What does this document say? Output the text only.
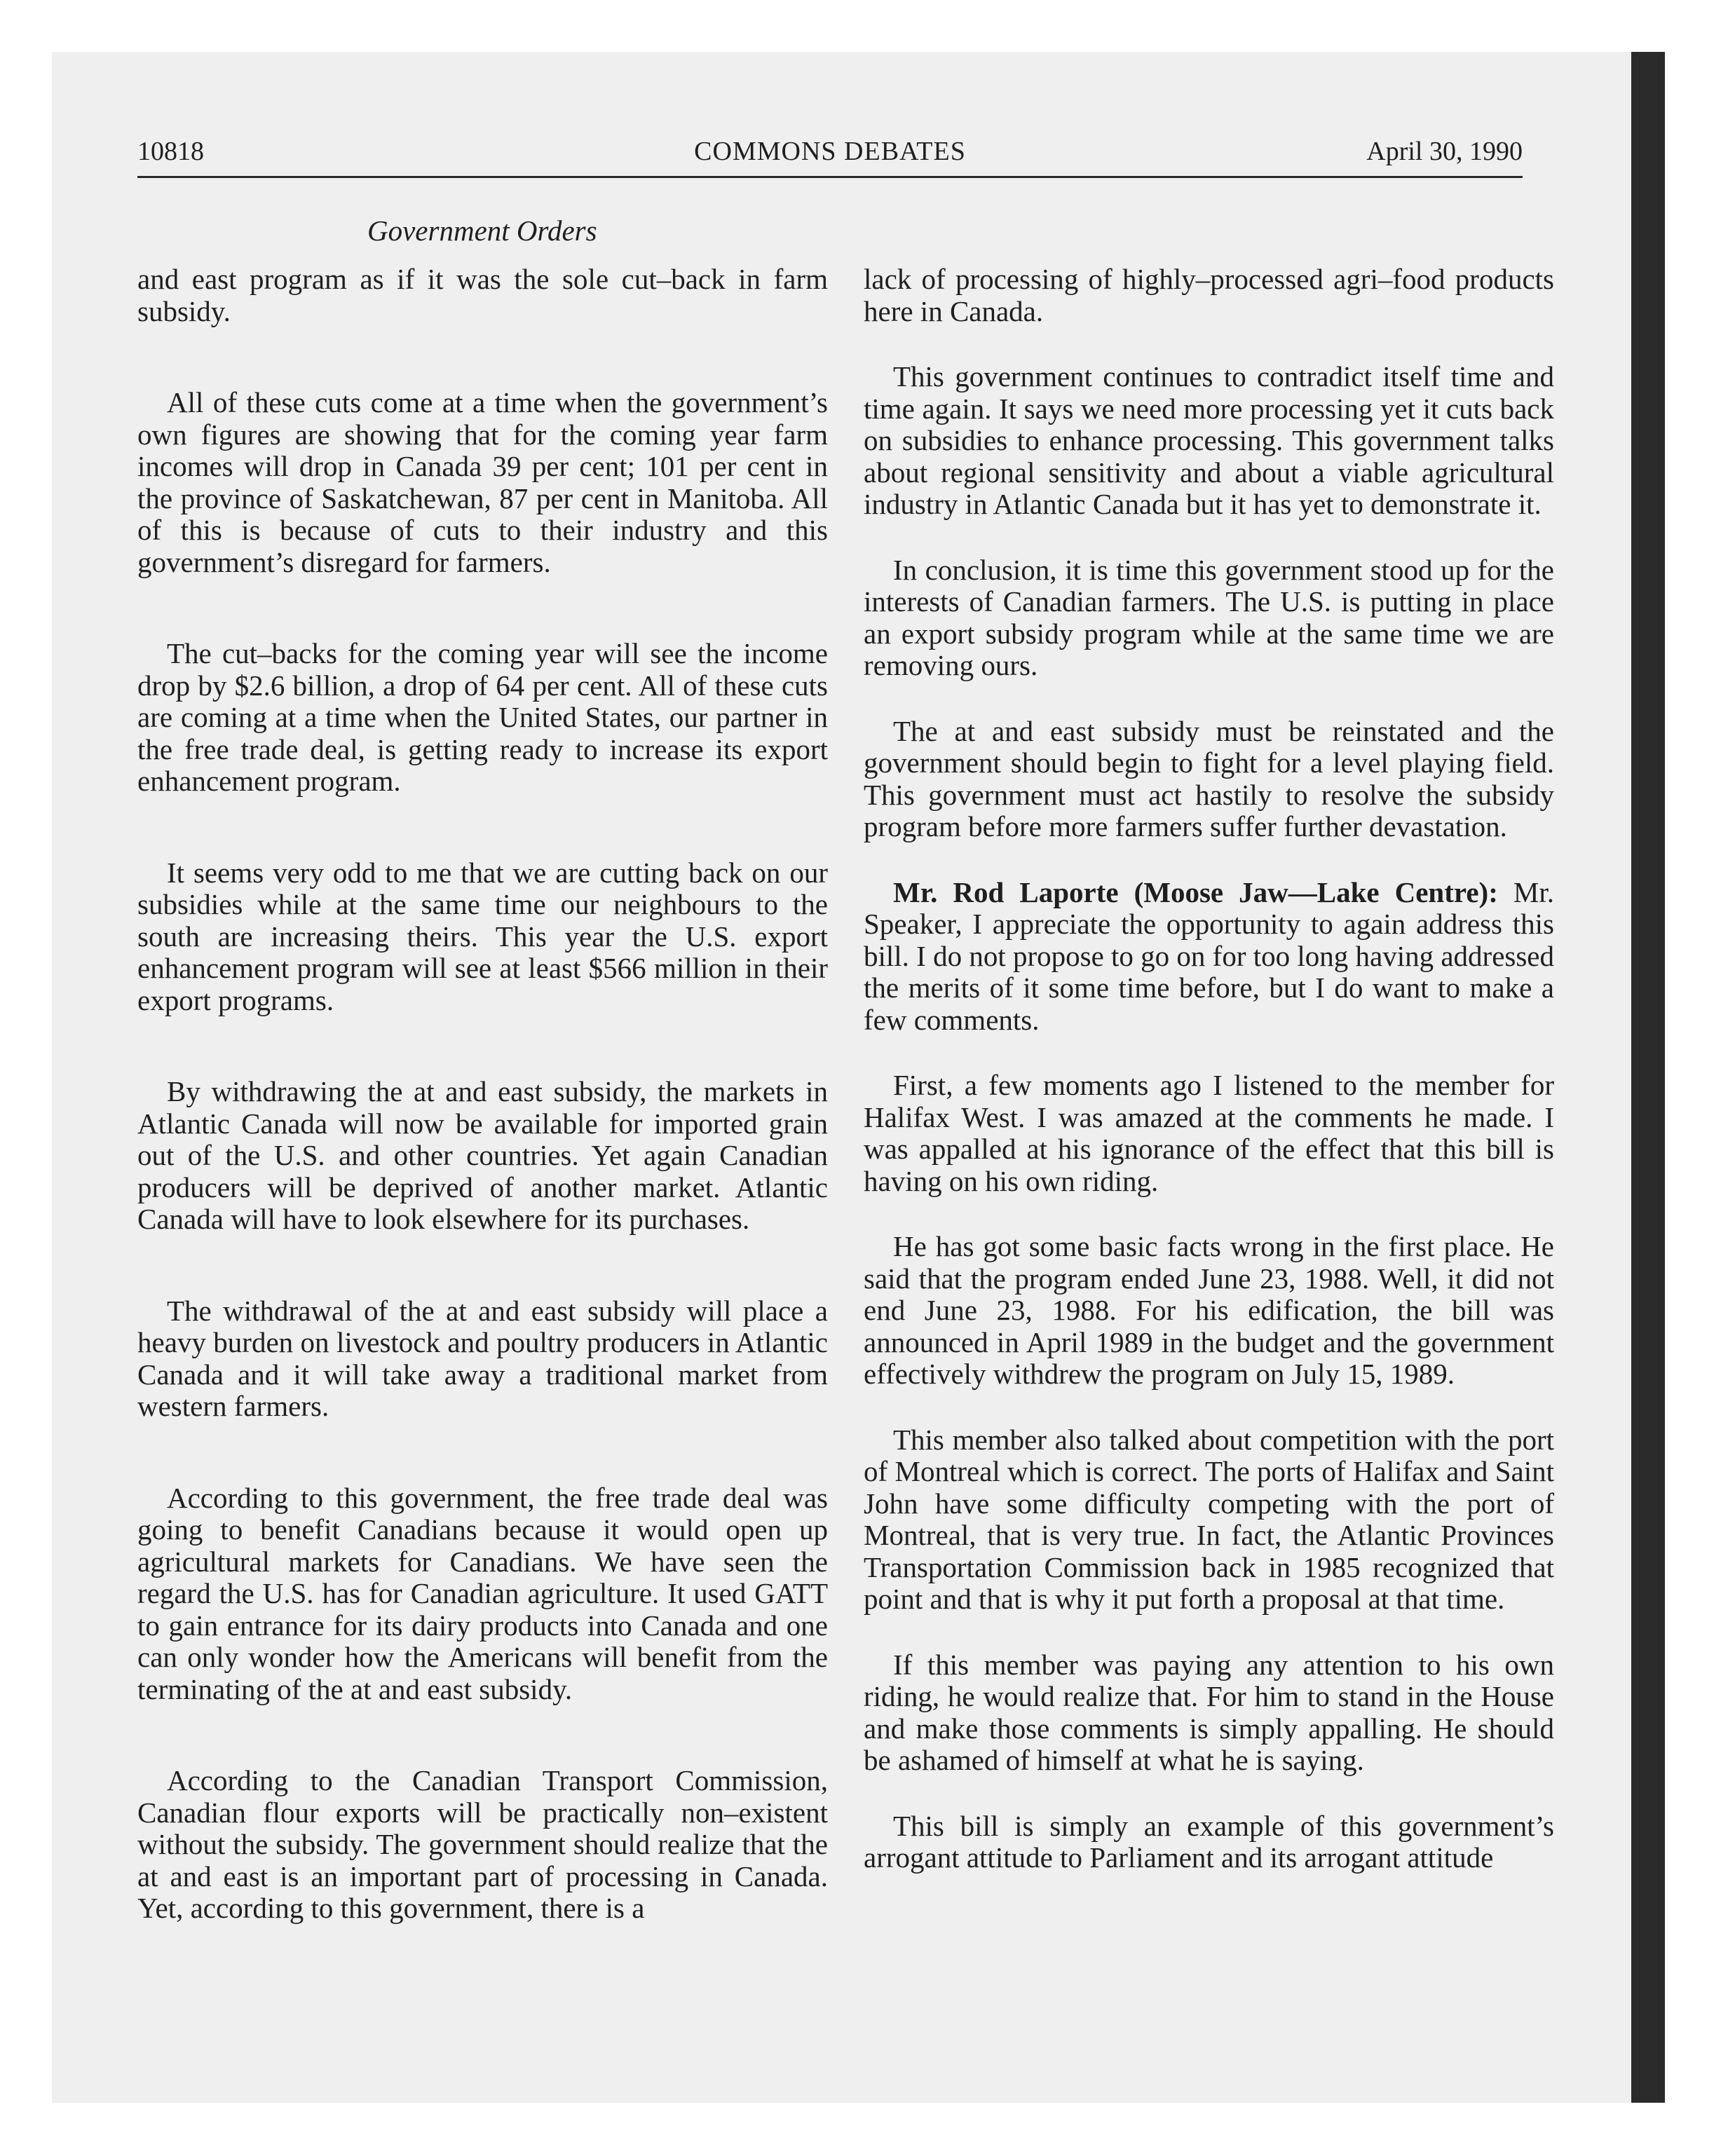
COMMONS DEBATES
10818	April 30, 1990
Government Orders

and east program as if it was the sole cut–back in farm subsidy.

All of these cuts come at a time when the government’s own figures are showing that for the coming year farm incomes will drop in Canada 39 per cent; 101 per cent in the province of Saskatchewan, 87 per cent in Manitoba. All of this is because of cuts to their industry and this government’s disregard for farmers.

The cut–backs for the coming year will see the income drop by $2.6 billion, a drop of 64 per cent. All of these cuts are coming at a time when the United States, our partner in the free trade deal, is getting ready to increase its export enhancement program.

It seems very odd to me that we are cutting back on our subsidies while at the same time our neighbours to the south are increasing theirs. This year the U.S. export enhancement program will see at least $566 million in their export programs.

By withdrawing the at and east subsidy, the markets in Atlantic Canada will now be available for imported grain out of the U.S. and other countries. Yet again Canadian producers will be deprived of another market. Atlantic Canada will have to look elsewhere for its purchases.

The withdrawal of the at and east subsidy will place a heavy burden on livestock and poultry producers in Atlantic Canada and it will take away a traditional market from western farmers.

According to this government, the free trade deal was going to benefit Canadians because it would open up agricultural markets for Canadians. We have seen the regard the U.S. has for Canadian agriculture. It used GATT to gain entrance for its dairy products into Canada and one can only wonder how the Americans will benefit from the terminating of the at and east subsidy.

According to the Canadian Transport Commission, Canadian flour exports will be practically non–existent without the subsidy. The government should realize that the at and east is an important part of processing in Canada. Yet, according to this government, there is a

lack of processing of highly–processed agri–food products here in Canada.

This government continues to contradict itself time and time again. It says we need more processing yet it cuts back on subsidies to enhance processing. This government talks about regional sensitivity and about a viable agricultural industry in Atlantic Canada but it has yet to demonstrate it.

In conclusion, it is time this government stood up for the interests of Canadian farmers. The U.S. is putting in place an export subsidy program while at the same time we are removing ours.

The at and east subsidy must be reinstated and the government should begin to fight for a level playing field. This government must act hastily to resolve the subsidy program before more farmers suffer further devastation.

Mr. Rod Laporte (Moose Jaw—Lake Centre): Mr. Speaker, I appreciate the opportunity to again address this bill. I do not propose to go on for too long having addressed the merits of it some time before, but I do want to make a few comments.

First, a few moments ago I listened to the member for Halifax West. I was amazed at the comments he made. I was appalled at his ignorance of the effect that this bill is having on his own riding.

He has got some basic facts wrong in the first place. He said that the program ended June 23, 1988. Well, it did not end June 23, 1988. For his edification, the bill was announced in April 1989 in the budget and the government effectively withdrew the program on July 15, 1989.

This member also talked about competition with the port of Montreal which is correct. The ports of Halifax and Saint John have some difficulty competing with the port of Montreal, that is very true. In fact, the Atlantic Provinces Transportation Commission back in 1985 recognized that point and that is why it put forth a proposal at that time.

If this member was paying any attention to his own riding, he would realize that. For him to stand in the House and make those comments is simply appalling. He should be ashamed of himself at what he is saying.

This bill is simply an example of this government’s arrogant attitude to Parliament and its arrogant attitude
